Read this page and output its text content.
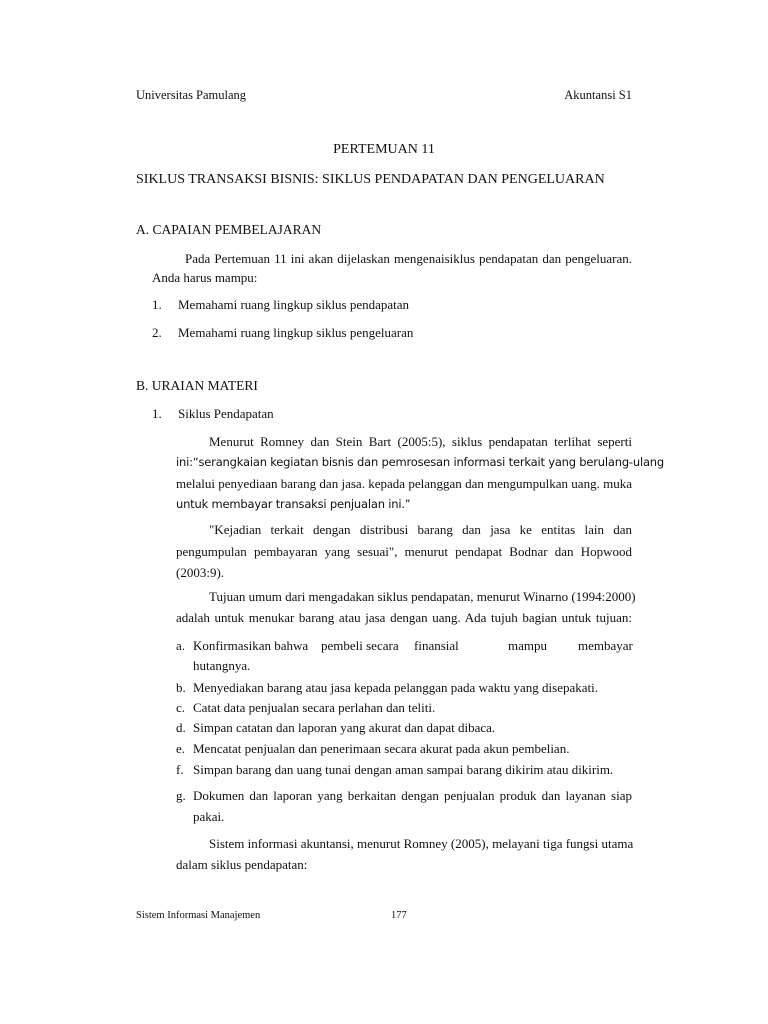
Universitas Pamulang	Akuntansi S1
PERTEMUAN 11
SIKLUS TRANSAKSI BISNIS: SIKLUS PENDAPATAN DAN PENGELUARAN
A. CAPAIAN PEMBELAJARAN
Pada Pertemuan 11 ini akan dijelaskan mengenaisiklus pendapatan dan pengeluaran.
Anda harus mampu:
1. Memahami ruang lingkup siklus pendapatan
2. Memahami ruang lingkup siklus pengeluaran
B. URAIAN MATERI
1. Siklus Pendapatan
Menurut Romney dan Stein Bart (2005:5), siklus pendapatan terlihat seperti
ini:“serangkaian kegiatan bisnis dan pemrosesan informasi terkait yang berulang-ulang
melalui penyediaan barang dan jasa. kepada pelanggan dan mengumpulkan uang. muka
untuk membayar transaksi penjualan ini.”
"Kejadian terkait dengan distribusi barang dan jasa ke entitas lain dan
pengumpulan pembayaran yang sesuai", menurut pendapat Bodnar dan Hopwood
(2003:9).
Tujuan umum dari mengadakan siklus pendapatan, menurut Winarno (1994:2000)
adalah untuk menukar barang atau jasa dengan uang. Ada tujuh bagian untuk tujuan:
a. Konfirmasikan bahwa pembeli secara finansial	mampu membayar
hutangnya.
b. Menyediakan barang atau jasa kepada pelanggan pada waktu yang disepakati.
c. Catat data penjualan secara perlahan dan teliti.
d. Simpan catatan dan laporan yang akurat dan dapat dibaca.
e. Mencatat penjualan dan penerimaan secara akurat pada akun pembelian.
f. Simpan barang dan uang tunai dengan aman sampai barang dikirim atau dikirim.
g. Dokumen dan laporan yang berkaitan dengan penjualan produk dan layanan siap
pakai.
Sistem informasi akuntansi, menurut Romney (2005), melayani tiga fungsi utama
dalam siklus pendapatan:
Sistem Informasi Manajemen	177
